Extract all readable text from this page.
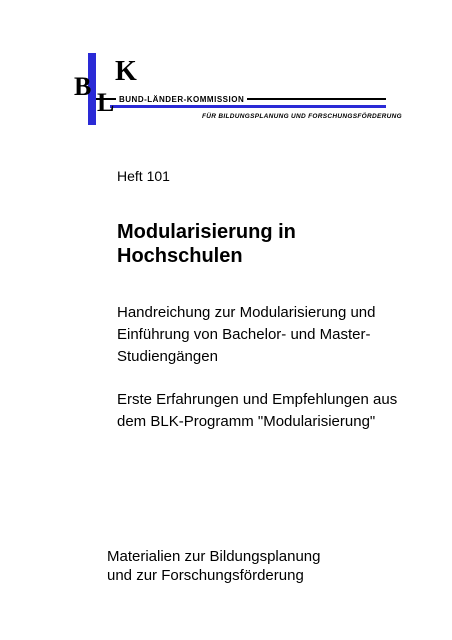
B
L
K
BUND-LÄNDER-KOMMISSION
FÜR BILDUNGSPLANUNG UND FORSCHUNGSFÖRDERUNG
Heft 101
Modularisierung in
Hochschulen
Handreichung zur Modularisierung und
Einführung von Bachelor- und Master-
Studiengängen
Erste Erfahrungen und Empfehlungen aus
dem BLK-Programm "Modularisierung"
Materialien zur Bildungsplanung
und zur Forschungsförderung
